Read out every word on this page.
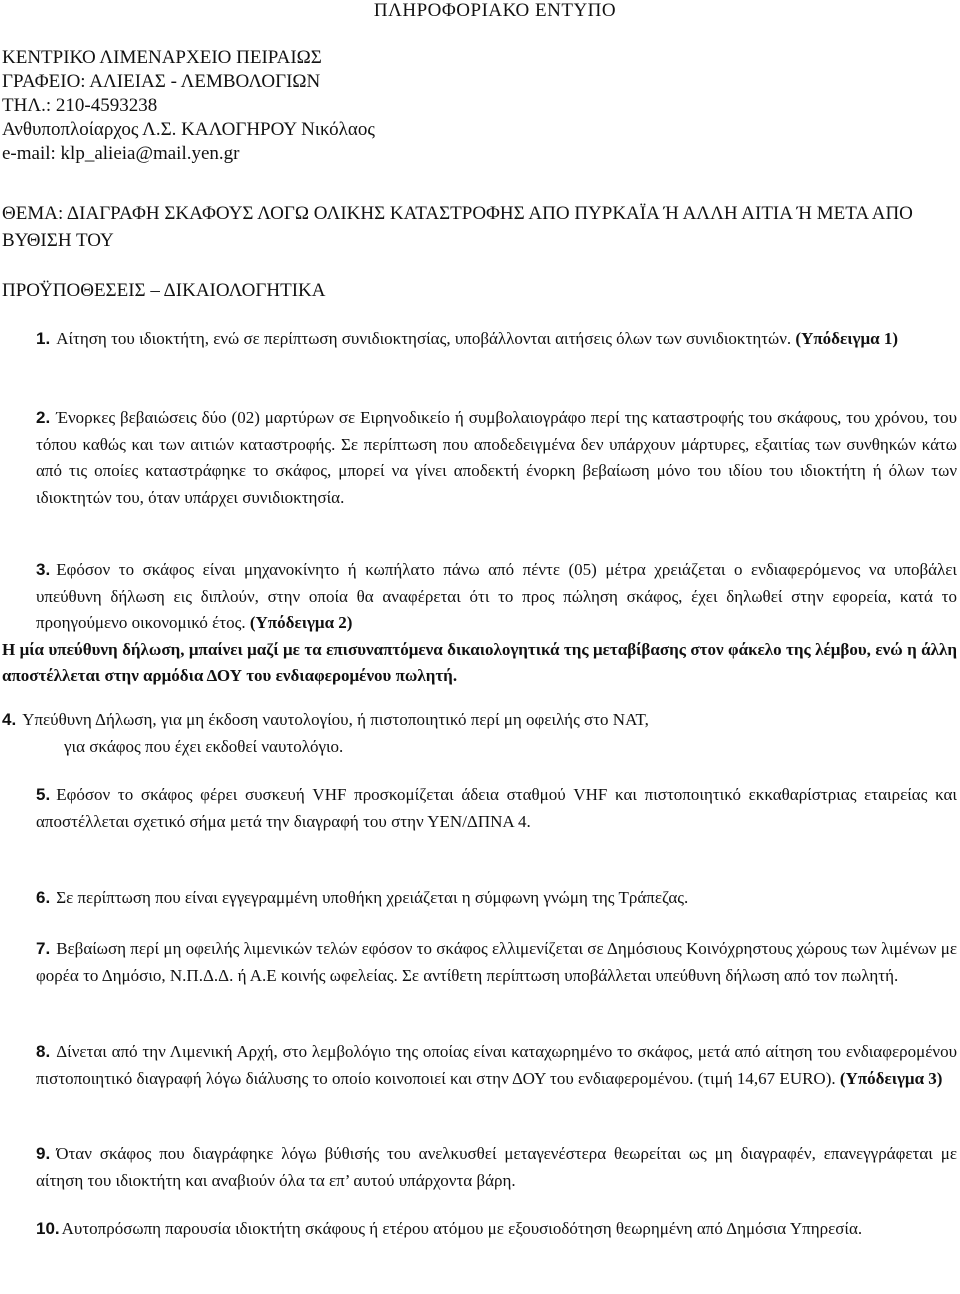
ΠΛΗΡΟΦΟΡΙΑΚΟ ΕΝΤΥΠΟ
ΚΕΝΤΡΙΚΟ ΛΙΜΕΝΑΡΧΕΙΟ ΠΕΙΡΑΙΩΣ
ΓΡΑΦΕΙΟ: ΑΛΙΕΙΑΣ - ΛΕΜΒΟΛΟΓΙΩΝ
ΤΗΛ.: 210-4593238
Ανθυποπλοίαρχος Λ.Σ. ΚΑΛΟΓΗΡΟΥ Νικόλαος
e-mail: klp_alieia@mail.yen.gr
ΘΕΜΑ: ΔΙΑΓΡΑΦΗ ΣΚΑΦΟΥΣ ΛΟΓΩ ΟΛΙΚΗΣ ΚΑΤΑΣΤΡΟΦΗΣ ΑΠΟ ΠΥΡΚΑΪΑ Ή ΑΛΛΗ ΑΙΤΙΑ Ή ΜΕΤΑ ΑΠΟ ΒΥΘΙΣΗ ΤΟΥ
ΠΡΟΫΠΟΘΕΣΕΙΣ – ΔΙΚΑΙΟΛΟΓΗΤΙΚΑ

1. Αίτηση του ιδιοκτήτη, ενώ σε περίπτωση συνιδιοκτησίας, υποβάλλονται αιτήσεις όλων των συνιδιοκτητών. (Υπόδειγμα 1)

2. Ένορκες βεβαιώσεις δύο (02) μαρτύρων σε Ειρηνοδικείο ή συμβολαιογράφο περί της καταστροφής του σκάφους, του χρόνου, του τόπου καθώς και των αιτιών καταστροφής. Σε περίπτωση που αποδεδειγμένα δεν υπάρχουν μάρτυρες, εξαιτίας των συνθηκών κάτω από τις οποίες καταστράφηκε το σκάφος, μπορεί να γίνει αποδεκτή ένορκη βεβαίωση μόνο του ιδίου του ιδιοκτήτη ή όλων των ιδιοκτητών του, όταν υπάρχει συνιδιοκτησία.

3. Εφόσον το σκάφος είναι μηχανοκίνητο ή κωπήλατο πάνω από πέντε (05) μέτρα χρειάζεται ο ενδιαφερόμενος να υποβάλει υπεύθυνη δήλωση εις διπλούν, στην οποία θα αναφέρεται ότι το προς πώληση σκάφος, έχει δηλωθεί στην εφορεία, κατά το προηγούμενο οικονομικό έτος. (Υπόδειγμα 2)

Η μία υπεύθυνη δήλωση, μπαίνει μαζί με τα επισυναπτόμενα δικαιολογητικά της μεταβίβασης στον φάκελο της λέμβου, ενώ η άλλη αποστέλλεται στην αρμόδια ΔΟΥ του ενδιαφερομένου πωλητή.

4. Υπεύθυνη Δήλωση, για μη έκδοση ναυτολογίου, ή πιστοποιητικό περί μη οφειλής στο ΝΑΤ,
για σκάφος που έχει εκδοθεί ναυτολόγιο.

5. Εφόσον το σκάφος φέρει συσκευή VHF προσκομίζεται άδεια σταθμού VHF και πιστοποιητικό εκκαθαρίστριας εταιρείας και αποστέλλεται σχετικό σήμα μετά την διαγραφή του στην ΥΕΝ/ΔΠΝΑ 4.

6. Σε περίπτωση που είναι εγγεγραμμένη υποθήκη χρειάζεται η σύμφωνη γνώμη της Τράπεζας.

7. Βεβαίωση περί μη οφειλής λιμενικών τελών εφόσον το σκάφος ελλιμενίζεται σε Δημόσιους Κοινόχρηστους χώρους των λιμένων με φορέα το Δημόσιο, Ν.Π.Δ.Δ. ή Α.Ε κοινής ωφελείας. Σε αντίθετη περίπτωση υποβάλλεται υπεύθυνη δήλωση από τον πωλητή.

8. Δίνεται από την Λιμενική Αρχή, στο λεμβολόγιο της οποίας είναι καταχωρημένο το σκάφος, μετά από αίτηση του ενδιαφερομένου πιστοποιητικό διαγραφή λόγω διάλυσης το οποίο κοινοποιεί και στην ΔΟΥ του ενδιαφερομένου. (τιμή 14,67 EURO). (Υπόδειγμα 3)

9. Όταν σκάφος που διαγράφηκε λόγω βύθισής του ανελκυσθεί μεταγενέστερα θεωρείται ως μη διαγραφέν, επανεγγράφεται με αίτηση του ιδιοκτήτη και αναβιούν όλα τα επ’ αυτού υπάρχοντα βάρη.

10. Αυτοπρόσωπη παρουσία ιδιοκτήτη σκάφους ή ετέρου ατόμου με εξουσιοδότηση θεωρημένη από Δημόσια Υπηρεσία.
